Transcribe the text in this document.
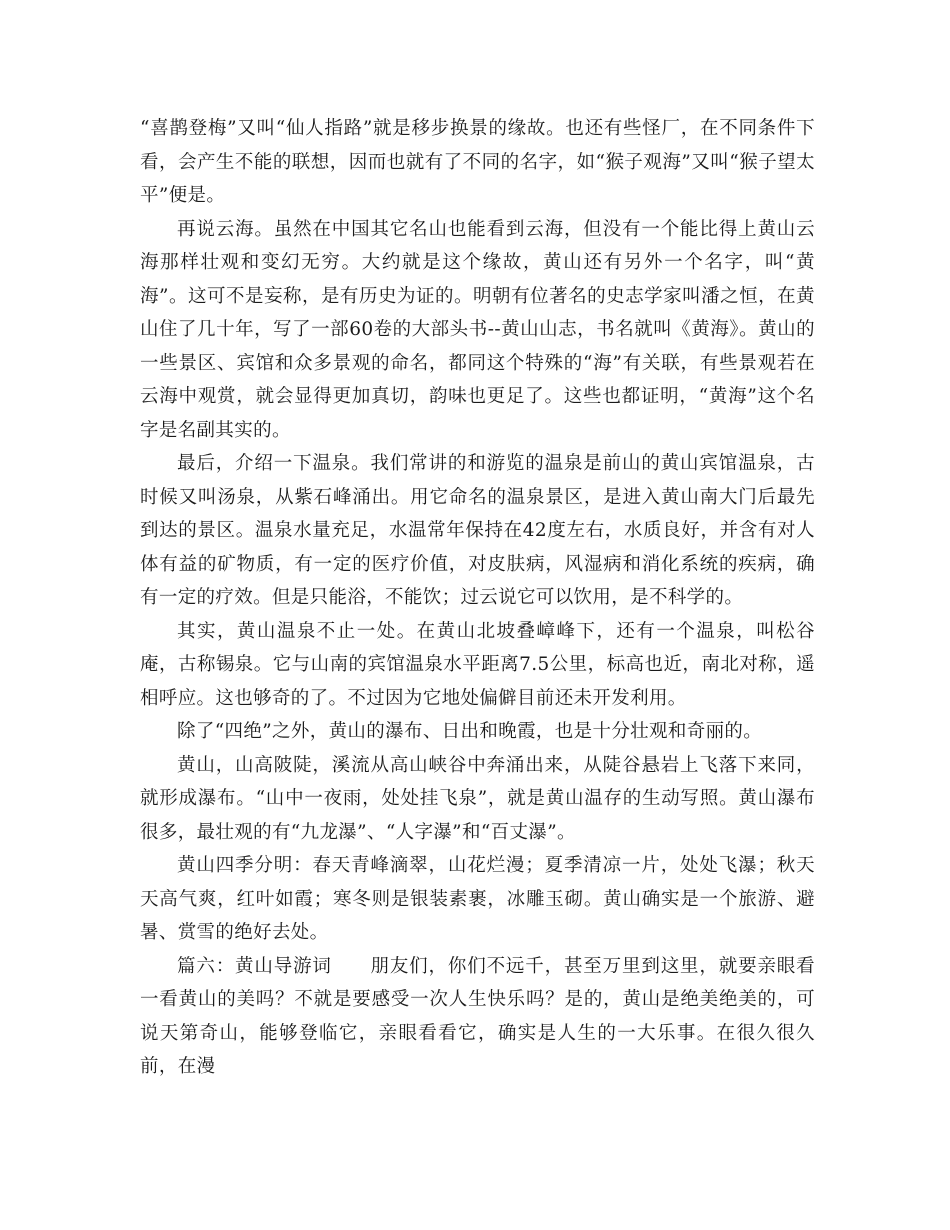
“喜鹊登梅”又叫“仙人指路”就是移步换景的缘故。也还有些怪厂，在不同条件下看，会产生不能的联想，因而也就有了不同的名字，如“猴子观海”又叫“猴子望太平”便是。

再说云海。虽然在中国其它名山也能看到云海，但没有一个能比得上黄山云海那样壮观和变幻无穷。大约就是这个缘故，黄山还有另外一个名字，叫“黄海”。这可不是妄称，是有历史为证的。明朝有位著名的史志学家叫潘之恒，在黄山住了几十年，写了一部60卷的大部头书--黄山山志，书名就叫《黄海》。黄山的一些景区、宾馆和众多景观的命名，都同这个特殊的“海”有关联，有些景观若在云海中观赏，就会显得更加真切，韵味也更足了。这些也都证明，“黄海”这个名字是名副其实的。

最后，介绍一下温泉。我们常讲的和游览的温泉是前山的黄山宾馆温泉，古时候又叫汤泉，从紫石峰涌出。用它命名的温泉景区，是进入黄山南大门后最先到达的景区。温泉水量充足，水温常年保持在42度左右，水质良好，并含有对人体有益的矿物质，有一定的医疗价值，对皮肤病，风湿病和消化系统的疾病，确有一定的疗效。但是只能浴，不能饮；过云说它可以饮用，是不科学的。

其实，黄山温泉不止一处。在黄山北坡叠嶂峰下，还有一个温泉，叫松谷庵，古称锡泉。它与山南的宾馆温泉水平距离7.5公里，标高也近，南北对称，遥相呼应。这也够奇的了。不过因为它地处偏僻目前还未开发利用。

除了“四绝”之外，黄山的瀑布、日出和晚霞，也是十分壮观和奇丽的。

黄山，山高陂陡，溪流从高山峡谷中奔涌出来，从陡谷悬岩上飞落下来同，就形成瀑布。“山中一夜雨，处处挂飞泉”，就是黄山温存的生动写照。黄山瀑布很多，最壮观的有“九龙瀑”、“人字瀑”和“百丈瀑”。

黄山四季分明：春天青峰滴翠，山花烂漫；夏季清凉一片，处处飞瀑；秋天天高气爽，红叶如霞；寒冬则是银装素裹，冰雕玉砌。黄山确实是一个旅游、避暑、赏雪的绝好去处。

篇六：黄山导游词　　朋友们，你们不远千，甚至万里到这里，就要亲眼看一看黄山的美吗？不就是要感受一次人生快乐吗？是的，黄山是绝美绝美的，可说天第奇山，能够登临它，亲眼看看它，确实是人生的一大乐事。在很久很久前，在漫
